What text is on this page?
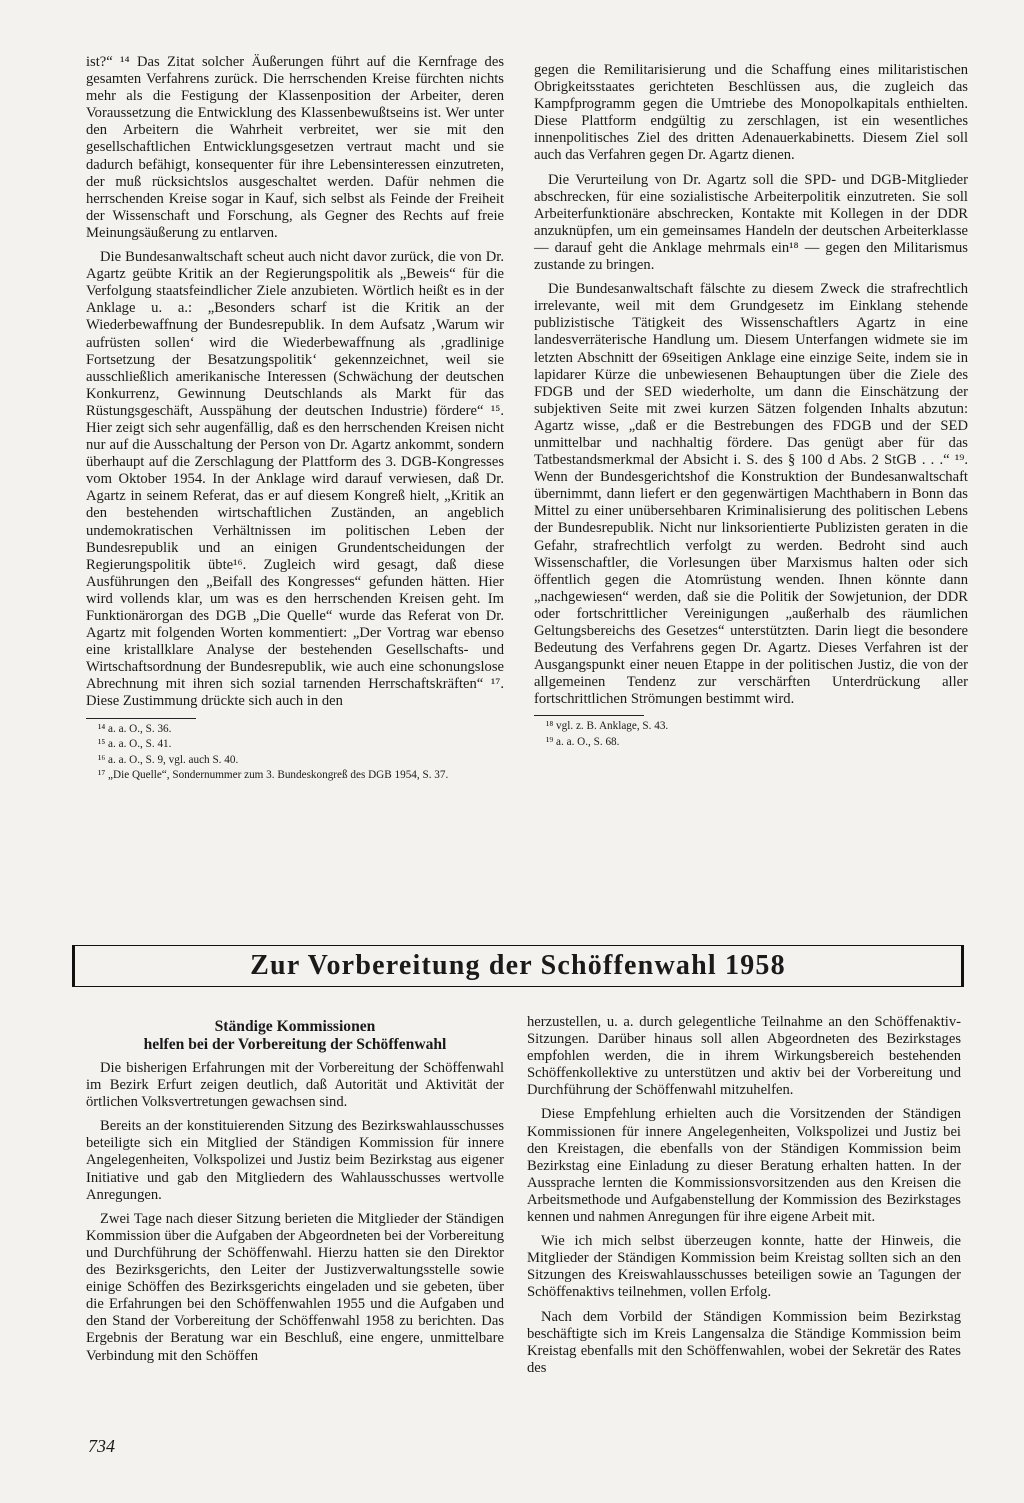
ist?“ ¹⁴ Das Zitat solcher Äußerungen führt auf die Kernfrage des gesamten Verfahrens zurück. Die herrschenden Kreise fürchten nichts mehr als die Festigung der Klassenposition der Arbeiter, deren Voraussetzung die Entwicklung des Klassenbewußtseins ist. Wer unter den Arbeitern die Wahrheit verbreitet, wer sie mit den gesellschaftlichen Entwicklungsgesetzen vertraut macht und sie dadurch befähigt, konsequenter für ihre Lebensinteressen einzutreten, der muß rücksichtslos ausgeschaltet werden. Dafür nehmen die herrschenden Kreise sogar in Kauf, sich selbst als Feinde der Freiheit der Wissenschaft und Forschung, als Gegner des Rechts auf freie Meinungsäußerung zu entlarven.

Die Bundesanwaltschaft scheut auch nicht davor zurück, die von Dr. Agartz geübte Kritik an der Regierungspolitik als „Beweis“ für die Verfolgung staatsfeindlicher Ziele anzubieten. Wörtlich heißt es in der Anklage u. a.: „Besonders scharf ist die Kritik an der Wiederbewaffnung der Bundesrepublik. In dem Aufsatz ‚Warum wir aufrüsten sollen‘ wird die Wiederbewaffnung als ‚gradlinige Fortsetzung der Besatzungspolitik‘ gekennzeichnet, weil sie ausschließlich amerikanische Interessen (Schwächung der deutschen Konkurrenz, Gewinnung Deutschlands als Markt für das Rüstungsgeschäft, Ausspähung der deutschen Industrie) fördere“ ¹⁵. Hier zeigt sich sehr augenfällig, daß es den herrschenden Kreisen nicht nur auf die Ausschaltung der Person von Dr. Agartz ankommt, sondern überhaupt auf die Zerschlagung der Plattform des 3. DGB-Kongresses vom Oktober 1954. In der Anklage wird darauf verwiesen, daß Dr. Agartz in seinem Referat, das er auf diesem Kongreß hielt, „Kritik an den bestehenden wirtschaftlichen Zuständen, an angeblich undemokratischen Verhältnissen im politischen Leben der Bundesrepublik und an einigen Grundentscheidungen der Regierungspolitik übte¹⁶. Zugleich wird gesagt, daß diese Ausführungen den „Beifall des Kongresses“ gefunden hätten. Hier wird vollends klar, um was es den herrschenden Kreisen geht. Im Funktionärorgan des DGB „Die Quelle“ wurde das Referat von Dr. Agartz mit folgenden Worten kommentiert: „Der Vortrag war ebenso eine kristallklare Analyse der bestehenden Gesellschafts- und Wirtschaftsordnung der Bundesrepublik, wie auch eine schonungslose Abrechnung mit ihren sich sozial tarnenden Herrschaftskräften“ ¹⁷. Diese Zustimmung drückte sich auch in den

¹⁴ a. a. O., S. 36.
¹⁵ a. a. O., S. 41.
¹⁶ a. a. O., S. 9, vgl. auch S. 40.
¹⁷ „Die Quelle“, Sondernummer zum 3. Bundeskongreß des DGB 1954, S. 37.

gegen die Remilitarisierung und die Schaffung eines militaristischen Obrigkeitsstaates gerichteten Beschlüssen aus, die zugleich das Kampfprogramm gegen die Umtriebe des Monopolkapitals enthielten. Diese Plattform endgültig zu zerschlagen, ist ein wesentliches innenpolitisches Ziel des dritten Adenauerkabinetts. Diesem Ziel soll auch das Verfahren gegen Dr. Agartz dienen.

Die Verurteilung von Dr. Agartz soll die SPD- und DGB-Mitglieder abschrecken, für eine sozialistische Arbeiterpolitik einzutreten. Sie soll Arbeiterfunktionäre abschrecken, Kontakte mit Kollegen in der DDR anzuknüpfen, um ein gemeinsames Handeln der deutschen Arbeiterklasse — darauf geht die Anklage mehrmals ein¹⁸ — gegen den Militarismus zustande zu bringen.

Die Bundesanwaltschaft fälschte zu diesem Zweck die strafrechtlich irrelevante, weil mit dem Grundgesetz im Einklang stehende publizistische Tätigkeit des Wissenschaftlers Agartz in eine landesverräterische Handlung um. Diesem Unterfangen widmete sie im letzten Abschnitt der 69seitigen Anklage eine einzige Seite, indem sie in lapidarer Kürze die unbewiesenen Behauptungen über die Ziele des FDGB und der SED wiederholte, um dann die Einschätzung der subjektiven Seite mit zwei kurzen Sätzen folgenden Inhalts abzutun: Agartz wisse, „daß er die Bestrebungen des FDGB und der SED unmittelbar und nachhaltig fördere. Das genügt aber für das Tatbestandsmerkmal der Absicht i. S. des § 100 d Abs. 2 StGB . . .“ ¹⁹. Wenn der Bundesgerichtshof die Konstruktion der Bundesanwaltschaft übernimmt, dann liefert er den gegenwärtigen Machthabern in Bonn das Mittel zu einer unübersehbaren Kriminalisierung des politischen Lebens der Bundesrepublik. Nicht nur linksorientierte Publizisten geraten in die Gefahr, strafrechtlich verfolgt zu werden. Bedroht sind auch Wissenschaftler, die Vorlesungen über Marxismus halten oder sich öffentlich gegen die Atomrüstung wenden. Ihnen könnte dann „nachgewiesen“ werden, daß sie die Politik der Sowjetunion, der DDR oder fortschrittlicher Vereinigungen „außerhalb des räumlichen Geltungsbereichs des Gesetzes“ unterstützten. Darin liegt die besondere Bedeutung des Verfahrens gegen Dr. Agartz. Dieses Verfahren ist der Ausgangspunkt einer neuen Etappe in der politischen Justiz, die von der allgemeinen Tendenz zur verschärften Unterdrückung aller fortschrittlichen Strömungen bestimmt wird.

¹⁸ vgl. z. B. Anklage, S. 43.
¹⁹ a. a. O., S. 68.
Zur Vorbereitung der Schöffenwahl 1958
Ständige Kommissionen
helfen bei der Vorbereitung der Schöffenwahl

Die bisherigen Erfahrungen mit der Vorbereitung der Schöffenwahl im Bezirk Erfurt zeigen deutlich, daß Autorität und Aktivität der örtlichen Volksvertretungen gewachsen sind.

Bereits an der konstituierenden Sitzung des Bezirkswahlausschusses beteiligte sich ein Mitglied der Ständigen Kommission für innere Angelegenheiten, Volkspolizei und Justiz beim Bezirkstag aus eigener Initiative und gab den Mitgliedern des Wahlausschusses wertvolle Anregungen.

Zwei Tage nach dieser Sitzung berieten die Mitglieder der Ständigen Kommission über die Aufgaben der Abgeordneten bei der Vorbereitung und Durchführung der Schöffenwahl. Hierzu hatten sie den Direktor des Bezirksgerichts, den Leiter der Justizverwaltungsstelle sowie einige Schöffen des Bezirksgerichts eingeladen und sie gebeten, über die Erfahrungen bei den Schöffenwahlen 1955 und die Aufgaben und den Stand der Vorbereitung der Schöffenwahl 1958 zu berichten. Das Ergebnis der Beratung war ein Beschluß, eine engere, unmittelbare Verbindung mit den Schöffen

herzustellen, u. a. durch gelegentliche Teilnahme an den Schöffenaktiv-Sitzungen. Darüber hinaus soll allen Abgeordneten des Bezirkstages empfohlen werden, die in ihrem Wirkungsbereich bestehenden Schöffenkollektive zu unterstützen und aktiv bei der Vorbereitung und Durchführung der Schöffenwahl mitzuhelfen.

Diese Empfehlung erhielten auch die Vorsitzenden der Ständigen Kommissionen für innere Angelegenheiten, Volkspolizei und Justiz bei den Kreistagen, die ebenfalls von der Ständigen Kommission beim Bezirkstag eine Einladung zu dieser Beratung erhalten hatten. In der Aussprache lernten die Kommissionsvorsitzenden aus den Kreisen die Arbeitsmethode und Aufgabenstellung der Kommission des Bezirkstages kennen und nahmen Anregungen für ihre eigene Arbeit mit.

Wie ich mich selbst überzeugen konnte, hatte der Hinweis, die Mitglieder der Ständigen Kommission beim Kreistag sollten sich an den Sitzungen des Kreiswahlausschusses beteiligen sowie an Tagungen der Schöffenaktivs teilnehmen, vollen Erfolg.

Nach dem Vorbild der Ständigen Kommission beim Bezirkstag beschäftigte sich im Kreis Langensalza die Ständige Kommission beim Kreistag ebenfalls mit den Schöffenwahlen, wobei der Sekretär des Rates des

734
